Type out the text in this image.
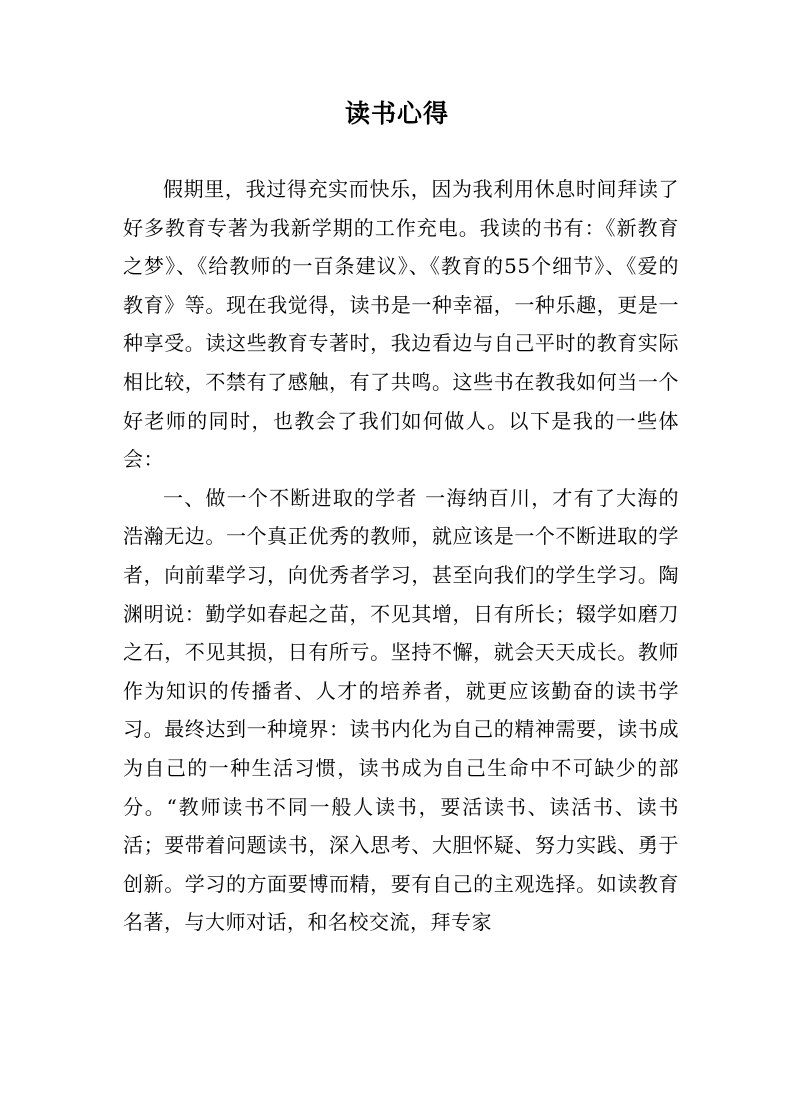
读书心得

假期里，我过得充实而快乐，因为我利用休息时间拜读了好多教育专著为我新学期的工作充电。我读的书有：《新教育之梦》、《给教师的一百条建议》、《教育的55个细节》、《爱的教育》等。现在我觉得，读书是一种幸福，一种乐趣，更是一种享受。读这些教育专著时，我边看边与自己平时的教育实际相比较，不禁有了感触，有了共鸣。这些书在教我如何当一个好老师的同时，也教会了我们如何做人。以下是我的一些体会：

一、做一个不断进取的学者 一海纳百川，才有了大海的浩瀚无边。一个真正优秀的教师，就应该是一个不断进取的学者，向前辈学习，向优秀者学习，甚至向我们的学生学习。陶渊明说：勤学如春起之苗，不见其增，日有所长；辍学如磨刀之石，不见其损，日有所亏。坚持不懈，就会天天成长。教师作为知识的传播者、人才的培养者，就更应该勤奋的读书学习。最终达到一种境界：读书内化为自己的精神需要，读书成为自己的一种生活习惯，读书成为自己生命中不可缺少的部分。“教师读书不同一般人读书，要活读书、读活书、读书活；要带着问题读书，深入思考、大胆怀疑、努力实践、勇于创新。学习的方面要博而精，要有自己的主观选择。如读教育名著，与大师对话，和名校交流，拜专家
